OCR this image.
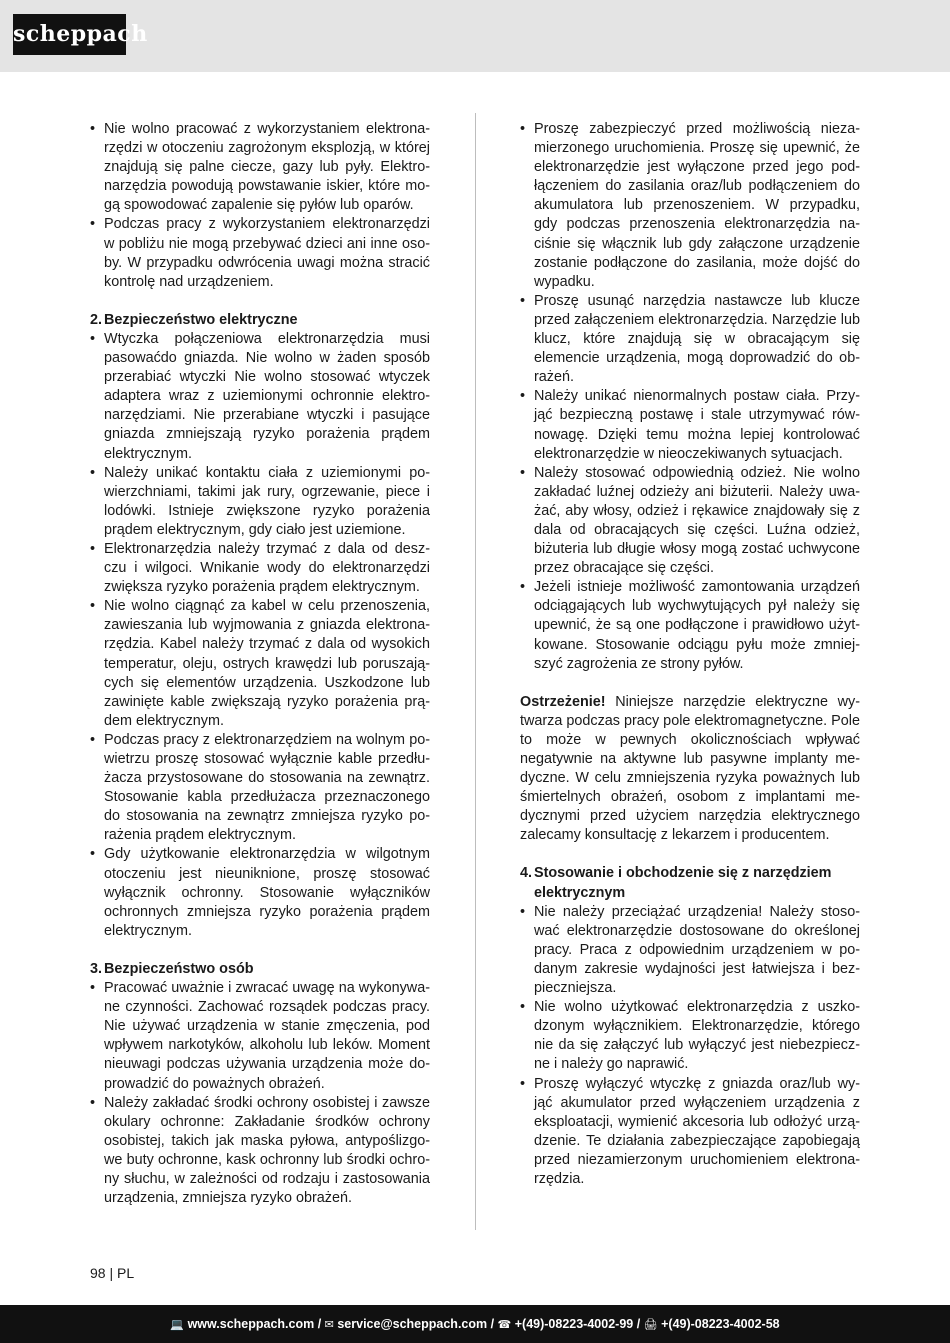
scheppach
• Nie wolno pracować z wykorzystaniem elektrona-rzędzi w otoczeniu zagrożonym eksplozją, w której znajdują się palne ciecze, gazy lub pyły. Elektro-narzędzia powodują powstawanie iskier, które mo-gą spowodować zapalenie się pyłów lub oparów.
• Podczas pracy z wykorzystaniem elektronarzędzi w pobliżu nie mogą przebywać dzieci ani inne oso-by. W przypadku odwrócenia uwagi można stracić kontrolę nad urządzeniem.
2. Bezpieczeństwo elektryczne
• Wtyczka połączeniowa elektronarzędzia musi pasowaćdo gniazda. Nie wolno w żaden sposób przerabiać wtyczki Nie wolno stosować wtyczek adaptera wraz z uziemionymi ochronnie elektro-narzędziami. Nie przerabiane wtyczki i pasujące gniazda zmniejszają ryzyko porażenia prądem elektrycznym.
• Należy unikać kontaktu ciała z uziemionymi po-wierzchniami, takimi jak rury, ogrzewanie, piece i lodówki. Istnieje zwiększone ryzyko porażenia prądem elektrycznym, gdy ciało jest uziemione.
• Elektronarzędzia należy trzymać z dala od desz-czu i wilgoci. Wnikanie wody do elektronarzędzi zwiększa ryzyko porażenia prądem elektrycznym.
• Nie wolno ciągnąć za kabel w celu przenoszenia, zawieszania lub wyjmowania z gniazda elektrona-rzędzia. Kabel należy trzymać z dala od wysokich temperatur, oleju, ostrych krawędzi lub poruszają-cych się elementów urządzenia. Uszkodzone lub zawinięte kable zwiększają ryzyko porażenia prą-dem elektrycznym.
• Podczas pracy z elektronarzędziem na wolnym po-wietrzu proszę stosować wyłącznie kable przedłu-żacza przystosowane do stosowania na zewnątrz. Stosowanie kabla przedłużacza przeznaczonego do stosowania na zewnątrz zmniejsza ryzyko po-rażenia prądem elektrycznym.
• Gdy użytkowanie elektronarzędzia w wilgotnym otoczeniu jest nieuniknione, proszę stosować wyłącznik ochronny. Stosowanie wyłączników ochronnych zmniejsza ryzyko porażenia prądem elektrycznym.
3. Bezpieczeństwo osób
• Pracować uważnie i zwracać uwagę na wykonywa-ne czynności. Zachować rozsądek podczas pracy. Nie używać urządzenia w stanie zmęczenia, pod wpływem narkotyków, alkoholu lub leków. Moment nieuwagi podczas używania urządzenia może do-prowadzić do poważnych obrażeń.
• Należy zakładać środki ochrony osobistej i zawsze okulary ochronne: Zakładanie środków ochrony osobistej, takich jak maska pyłowa, antypoślizgo-we buty ochronne, kask ochronny lub środki ochro-ny słuchu, w zależności od rodzaju i zastosowania urządzenia, zmniejsza ryzyko obrażeń.
• Proszę zabezpieczyć przed możliwością nieza-mierzonego uruchomienia. Proszę się upewnić, że elektronarzędzie jest wyłączone przed jego pod-łączeniem do zasilania oraz/lub podłączeniem do akumulatora lub przenoszeniem. W przypadku, gdy podczas przenoszenia elektronarzędzia na-ciśnie się włącznik lub gdy załączone urządzenie zostanie podłączone do zasilania, może dojść do wypadku.
• Proszę usunąć narzędzia nastawcze lub klucze przed załączeniem elektronarzędzia. Narzędzie lub klucz, które znajdują się w obracającym się elemencie urządzenia, mogą doprowadzić do ob-rażeń.
• Należy unikać nienormalnych postaw ciała. Przy-jąć bezpieczną postawę i stale utrzymywać rów-nowagę. Dzięki temu można lepiej kontrolować elektronarzędzie w nieoczekiwanych sytuacjach.
• Należy stosować odpowiednią odzież. Nie wolno zakładać luźnej odzieży ani biżuterii. Należy uwa-żać, aby włosy, odzież i rękawice znajdowały się z dala od obracających się części. Luźna odzież, biżuteria lub długie włosy mogą zostać uchwycone przez obracające się części.
• Jeżeli istnieje możliwość zamontowania urządzeń odciągających lub wychwytujących pył należy się upewnić, że są one podłączone i prawidłowo użyt-kowane. Stosowanie odciągu pyłu może zmniej-szyć zagrożenia ze strony pyłów.

Ostrzeżenie! Niniejsze narzędzie elektryczne wy-twarza podczas pracy pole elektromagnetyczne. Pole to może w pewnych okolicznościach wpływać negatywnie na aktywne lub pasywne implanty me-dyczne. W celu zmniejszenia ryzyka poważnych lub śmiertelnych obrażeń, osobom z implantami me-dycznymi przed użyciem narzędzia elektrycznego zalecamy konsultację z lekarzem i producentem.

4. Stosowanie i obchodzenie się z narzędziem elektrycznym
• Nie należy przeciążać urządzenia! Należy stoso-wać elektronarzędzie dostosowane do określonej pracy. Praca z odpowiednim urządzeniem w po-danym zakresie wydajności jest łatwiejsza i bez-pieczniejsza.
• Nie wolno użytkować elektronarzędzia z uszko-dzonym wyłącznikiem. Elektronarzędzie, którego nie da się załączyć lub wyłączyć jest niebezpiecz-ne i należy go naprawić.
• Proszę wyłączyć wtyczkę z gniazda oraz/lub wy-jąć akumulator przed wyłączeniem urządzenia z eksploatacji, wymienić akcesoria lub odłożyć urzą-dzenie. Te działania zabezpieczające zapobiegają przed niezamierzonym uruchomieniem elektrona-rzędzia.
98 | PL
💻 www.scheppach.com / ✉ service@scheppach.com / ☎ +(49)-08223-4002-99 / 🖨 +(49)-08223-4002-58
